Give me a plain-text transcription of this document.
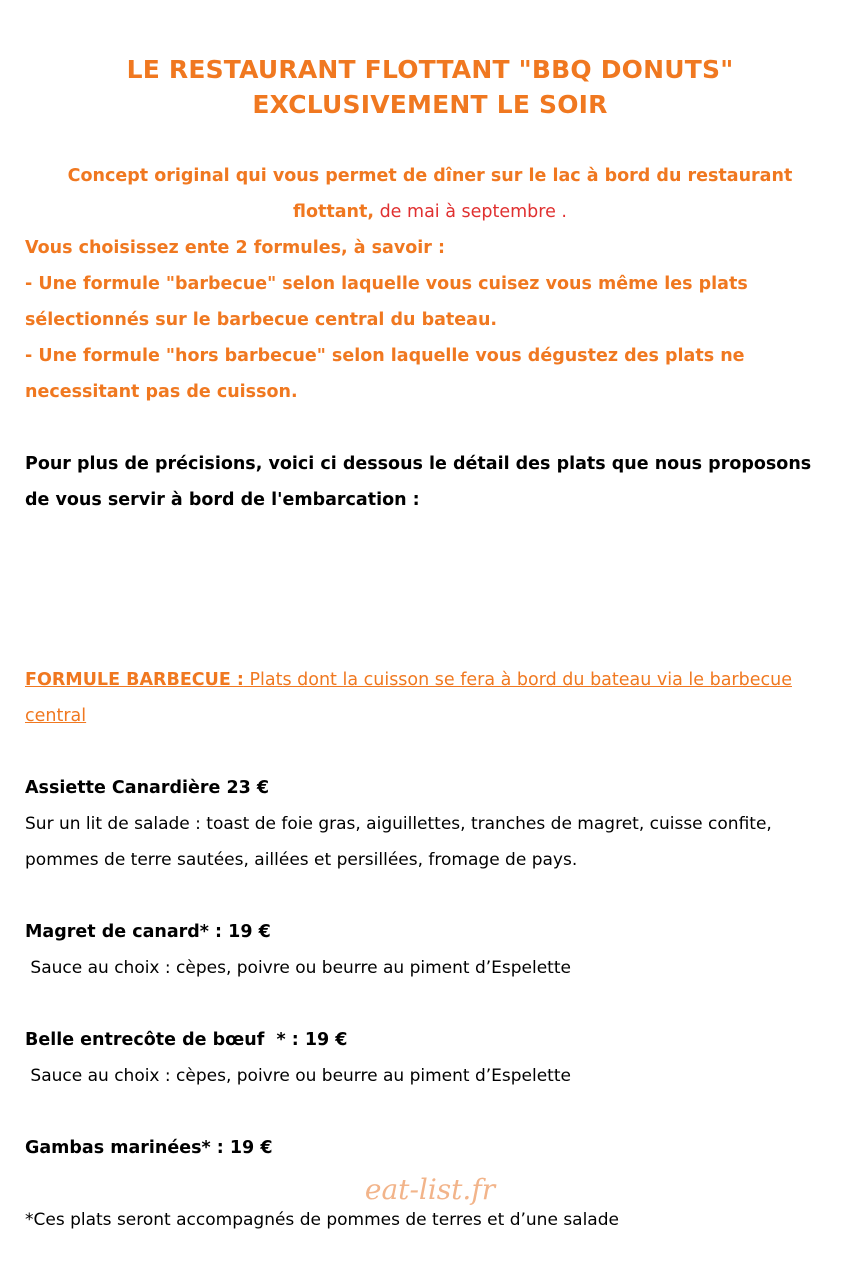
LE RESTAURANT FLOTTANT "BBQ DONUTS"
EXCLUSIVEMENT LE SOIR
Concept original qui vous permet de dîner sur le lac à bord du restaurant
flottant, de mai à septembre .
Vous choisissez ente 2 formules, à savoir :
- Une formule "barbecue" selon laquelle vous cuisez vous même les plats
sélectionnés sur le barbecue central du bateau.
- Une formule "hors barbecue" selon laquelle vous dégustez des plats ne
necessitant pas de cuisson.
Pour plus de précisions, voici ci dessous le détail des plats que nous proposons
de vous servir à bord de l'embarcation :
FORMULE BARBECUE : Plats dont la cuisson se fera à bord du bateau via le barbecue
central
Assiette Canardière 23 €
Sur un lit de salade : toast de foie gras, aiguillettes, tranches de magret, cuisse confite,
pommes de terre sautées, aillées et persillées, fromage de pays.
Magret de canard* : 19 €
Sauce au choix : cèpes, poivre ou beurre au piment d’Espelette
Belle entrecôte de bœuf  * : 19 €
Sauce au choix : cèpes, poivre ou beurre au piment d’Espelette
Gambas marinées* : 19 €
eat-list.fr
*Ces plats seront accompagnés de pommes de terres et d’une salade
